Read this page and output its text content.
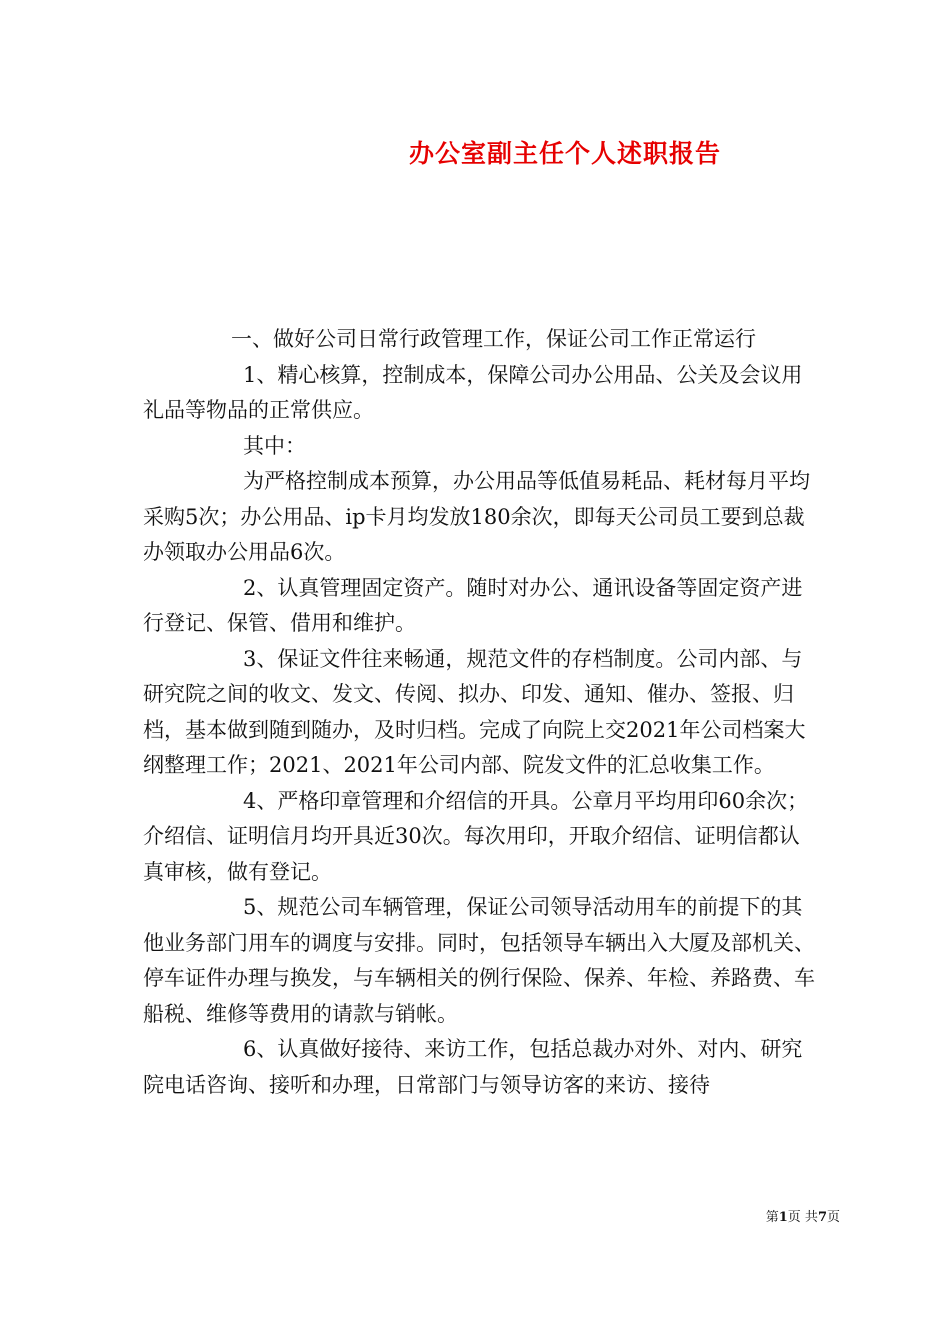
办公室副主任个人述职报告

一、做好公司日常行政管理工作，保证公司工作正常运行

1、精心核算，控制成本，保障公司办公用品、公关及会议用礼品等物品的正常供应。

其中：

为严格控制成本预算，办公用品等低值易耗品、耗材每月平均采购5次；办公用品、ip卡月均发放180余次，即每天公司员工要到总裁办领取办公用品6次。

2、认真管理固定资产。随时对办公、通讯设备等固定资产进行登记、保管、借用和维护。

3、保证文件往来畅通，规范文件的存档制度。公司内部、与研究院之间的收文、发文、传阅、拟办、印发、通知、催办、签报、归档，基本做到随到随办，及时归档。完成了向院上交2021年公司档案大纲整理工作；2021、2021年公司内部、院发文件的汇总收集工作。

4、严格印章管理和介绍信的开具。公章月平均用印60余次；介绍信、证明信月均开具近30次。每次用印，开取介绍信、证明信都认真审核，做有登记。

5、规范公司车辆管理，保证公司领导活动用车的前提下的其他业务部门用车的调度与安排。同时，包括领导车辆出入大厦及部机关、停车证件办理与换发，与车辆相关的例行保险、保养、年检、养路费、车船税、维修等费用的请款与销帐。

6、认真做好接待、来访工作，包括总裁办对外、对内、研究院电话咨询、接听和办理，日常部门与领导访客的来访、接待

第1页 共7页
